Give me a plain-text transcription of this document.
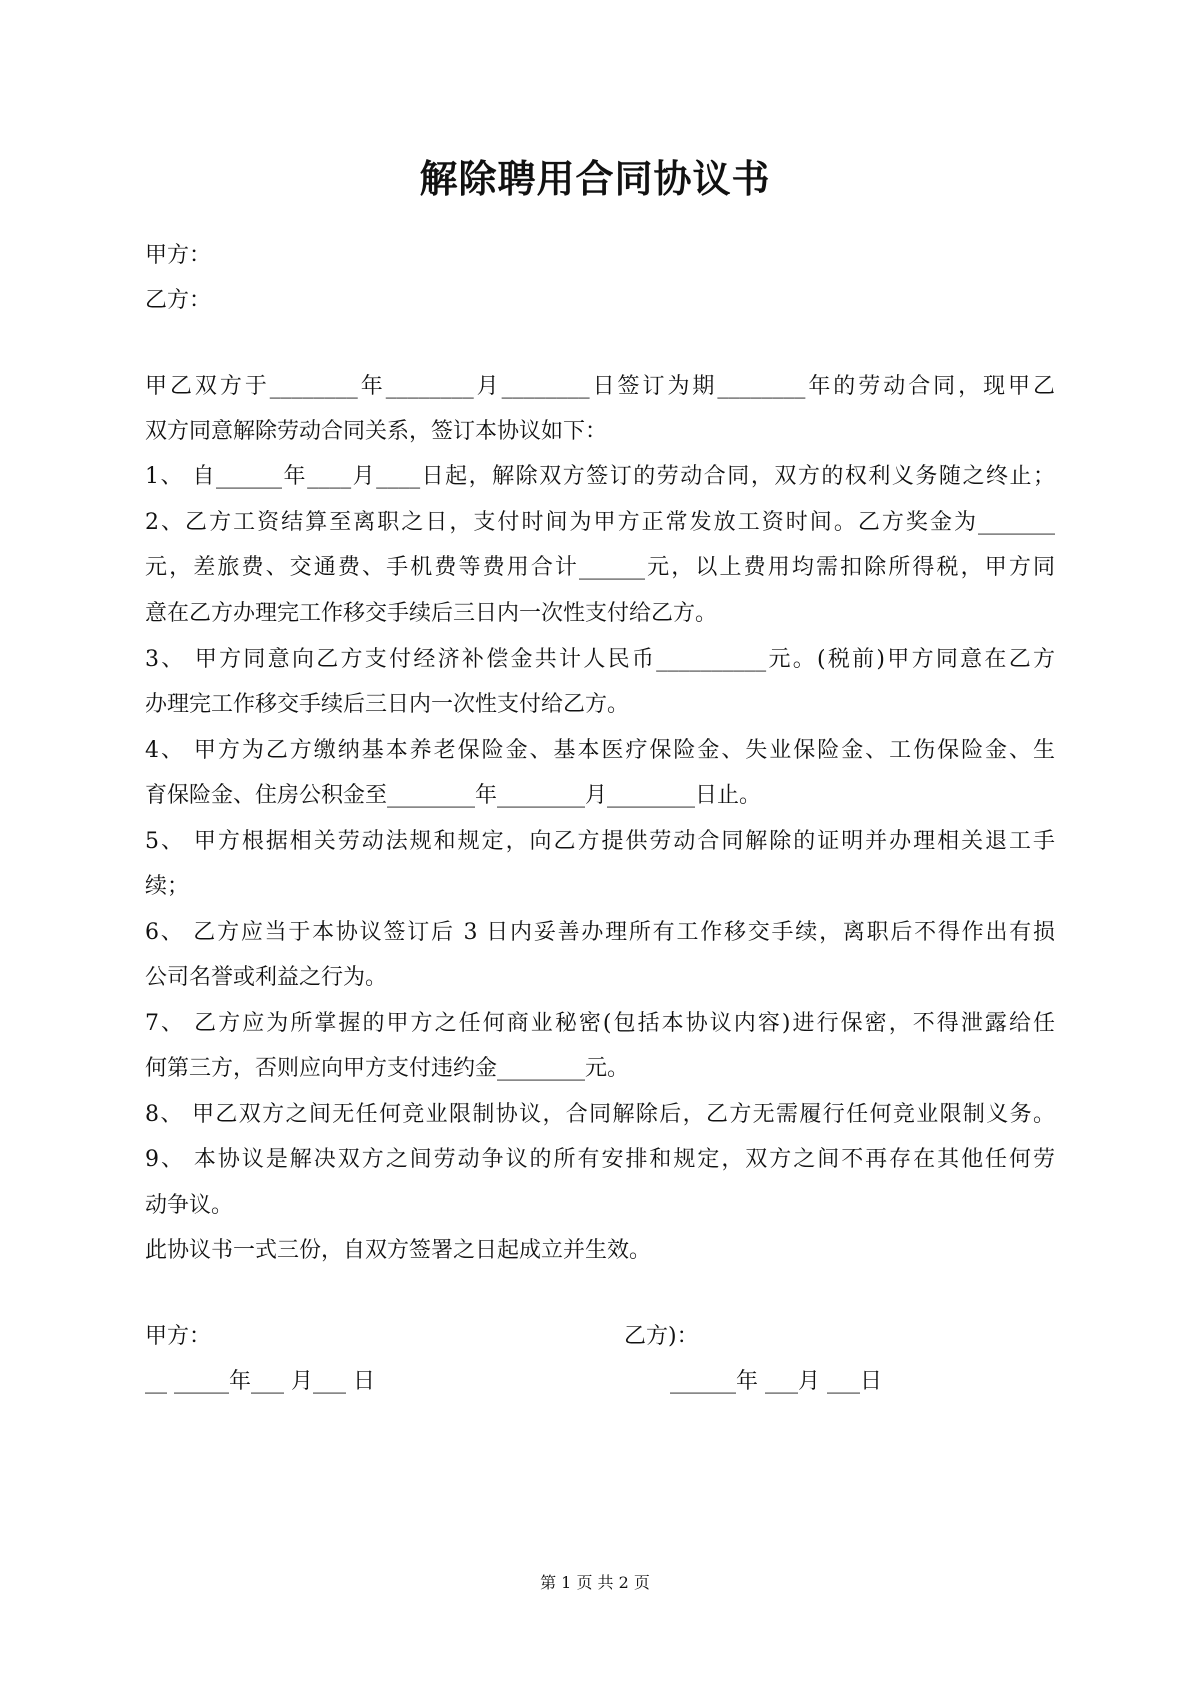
解除聘用合同协议书
甲方：
乙方：
甲乙双方于________年________月________日签订为期________年的劳动合同，现甲乙
双方同意解除劳动合同关系，签订本协议如下：
1、 自______年____月____日起，解除双方签订的劳动合同，双方的权利义务随之终止；
2、乙方工资结算至离职之日，支付时间为甲方正常发放工资时间。乙方奖金为_______
元，差旅费、交通费、手机费等费用合计______元，以上费用均需扣除所得税，甲方同
意在乙方办理完工作移交手续后三日内一次性支付给乙方。
3、 甲方同意向乙方支付经济补偿金共计人民币__________元。(税前)甲方同意在乙方
办理完工作移交手续后三日内一次性支付给乙方。
4、 甲方为乙方缴纳基本养老保险金、基本医疗保险金、失业保险金、工伤保险金、生
育保险金、住房公积金至________年________月________日止。
5、 甲方根据相关劳动法规和规定，向乙方提供劳动合同解除的证明并办理相关退工手
续；
6、 乙方应当于本协议签订后 3 日内妥善办理所有工作移交手续，离职后不得作出有损
公司名誉或利益之行为。
7、 乙方应为所掌握的甲方之任何商业秘密(包括本协议内容)进行保密，不得泄露给任
何第三方，否则应向甲方支付违约金________元。
8、 甲乙双方之间无任何竞业限制协议，合同解除后，乙方无需履行任何竞业限制义务。
9、 本协议是解决双方之间劳动争议的所有安排和规定，双方之间不再存在其他任何劳
动争议。
此协议书一式三份，自双方签署之日起成立并生效。
甲方：	乙方)：
__ _____年___ 月___ 日	______年 ___月 ___日
第 1 页 共 2 页
